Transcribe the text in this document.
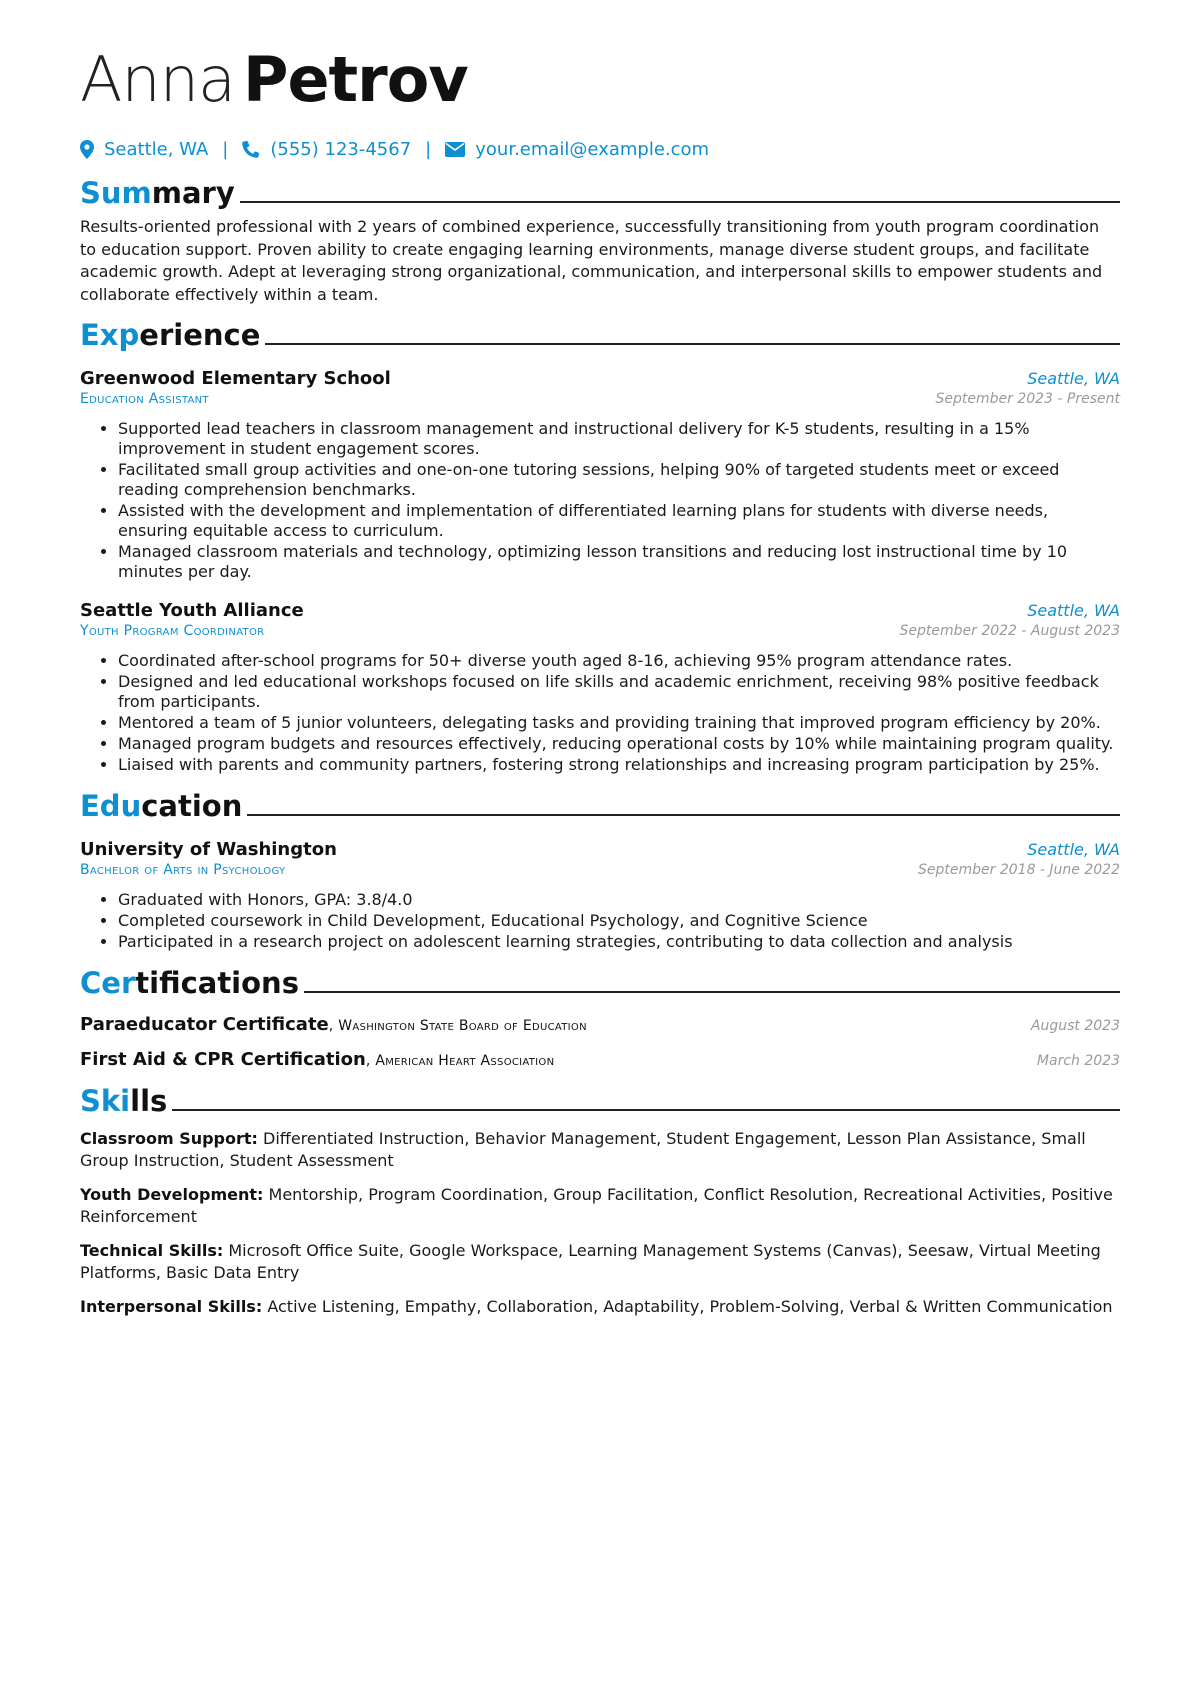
Anna Petrov
Seattle, WA | (555) 123-4567 | your.email@example.com
Summary

Results-oriented professional with 2 years of combined experience, successfully transitioning from youth program coordination to education support. Proven ability to create engaging learning environments, manage diverse student groups, and facilitate academic growth. Adept at leveraging strong organizational, communication, and interpersonal skills to empower students and collaborate effectively within a team.

Experience
Greenwood Elementary School	Seattle, WA
Education Assistant	September 2023 - Present
• Supported lead teachers in classroom management and instructional delivery for K-5 students, resulting in a 15% improvement in student engagement scores.
• Facilitated small group activities and one-on-one tutoring sessions, helping 90% of targeted students meet or exceed reading comprehension benchmarks.
• Assisted with the development and implementation of differentiated learning plans for students with diverse needs, ensuring equitable access to curriculum.
• Managed classroom materials and technology, optimizing lesson transitions and reducing lost instructional time by 10 minutes per day.
Seattle Youth Alliance	Seattle, WA
Youth Program Coordinator	September 2022 - August 2023
• Coordinated after-school programs for 50+ diverse youth aged 8-16, achieving 95% program attendance rates.
• Designed and led educational workshops focused on life skills and academic enrichment, receiving 98% positive feedback from participants.
• Mentored a team of 5 junior volunteers, delegating tasks and providing training that improved program efficiency by 20%.
• Managed program budgets and resources effectively, reducing operational costs by 10% while maintaining program quality.
• Liaised with parents and community partners, fostering strong relationships and increasing program participation by 25%.
Education
University of Washington	Seattle, WA
Bachelor of Arts in Psychology	September 2018 - June 2022
• Graduated with Honors, GPA: 3.8/4.0
• Completed coursework in Child Development, Educational Psychology, and Cognitive Science
• Participated in a research project on adolescent learning strategies, contributing to data collection and analysis
Certifications
Paraeducator Certificate, Washington State Board of Education	August 2023
First Aid & CPR Certification, American Heart Association	March 2023
Skills
Classroom Support: Differentiated Instruction, Behavior Management, Student Engagement, Lesson Plan Assistance, Small Group Instruction, Student Assessment
Youth Development: Mentorship, Program Coordination, Group Facilitation, Conflict Resolution, Recreational Activities, Positive Reinforcement
Technical Skills: Microsoft Office Suite, Google Workspace, Learning Management Systems (Canvas), Seesaw, Virtual Meeting Platforms, Basic Data Entry
Interpersonal Skills: Active Listening, Empathy, Collaboration, Adaptability, Problem-Solving, Verbal & Written Communication
